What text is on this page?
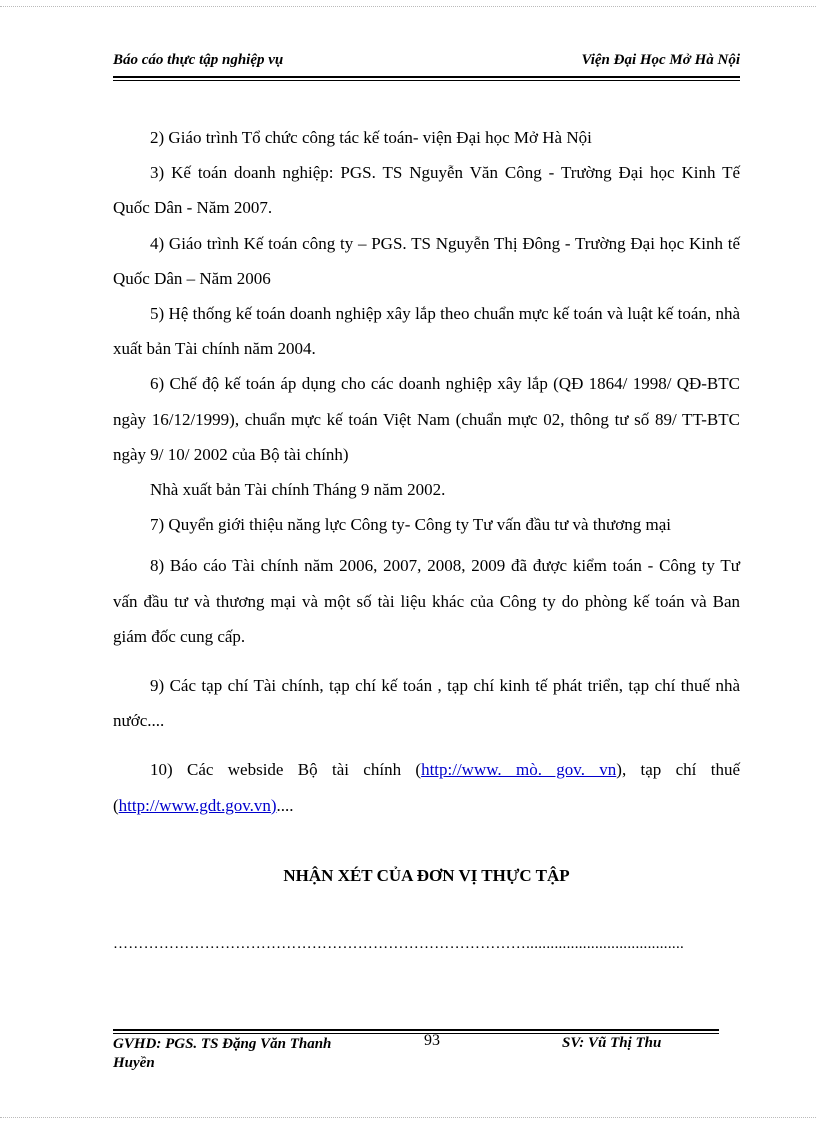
Báo cáo thực tập nghiệp vụ	Viện Đại Học Mở Hà Nội

2) Giáo trình Tổ chức công tác kế toán- viện Đại học Mở Hà Nội

3) Kế toán doanh nghiệp: PGS. TS Nguyễn Văn Công - Trường Đại học Kinh Tế Quốc Dân - Năm 2007.

4) Giáo trình Kế toán công ty – PGS. TS Nguyễn Thị Đông - Trường Đại học Kinh tế Quốc Dân – Năm 2006

5) Hệ thống kế toán doanh nghiệp xây lắp theo chuẩn mực kế toán và luật kế toán, nhà xuất bản Tài chính năm 2004.

6) Chế độ kế toán áp dụng cho các doanh nghiệp xây lắp (QĐ 1864/ 1998/ QĐ-BTC ngày 16/12/1999), chuẩn mực kế toán Việt Nam (chuẩn mực 02, thông tư số 89/ TT-BTC ngày 9/ 10/ 2002 của Bộ tài chính)

Nhà xuất bản Tài chính Tháng 9 năm 2002.

7) Quyển giới thiệu năng lực Công ty- Công ty Tư vấn đầu tư và thương mại

8) Báo cáo Tài chính năm 2006, 2007, 2008, 2009 đã được kiểm toán - Công ty Tư vấn đầu tư và thương mại và một số tài liệu khác của Công ty do phòng kế toán và Ban giám đốc cung cấp.

9) Các tạp chí Tài chính, tạp chí kế toán , tạp chí kinh tế phát triển, tạp chí thuế nhà nước....

10) Các webside Bộ tài chính (http://www. mò. gov. vn), tạp chí thuế (http://www.gdt.gov.vn)....

NHẬN XÉT CỦA ĐƠN VỊ THỰC TẬP
……………………………………………………………………….......................................
GVHD: PGS. TS Đặng Văn Thanh Huyền
93	SV: Vũ Thị Thu
